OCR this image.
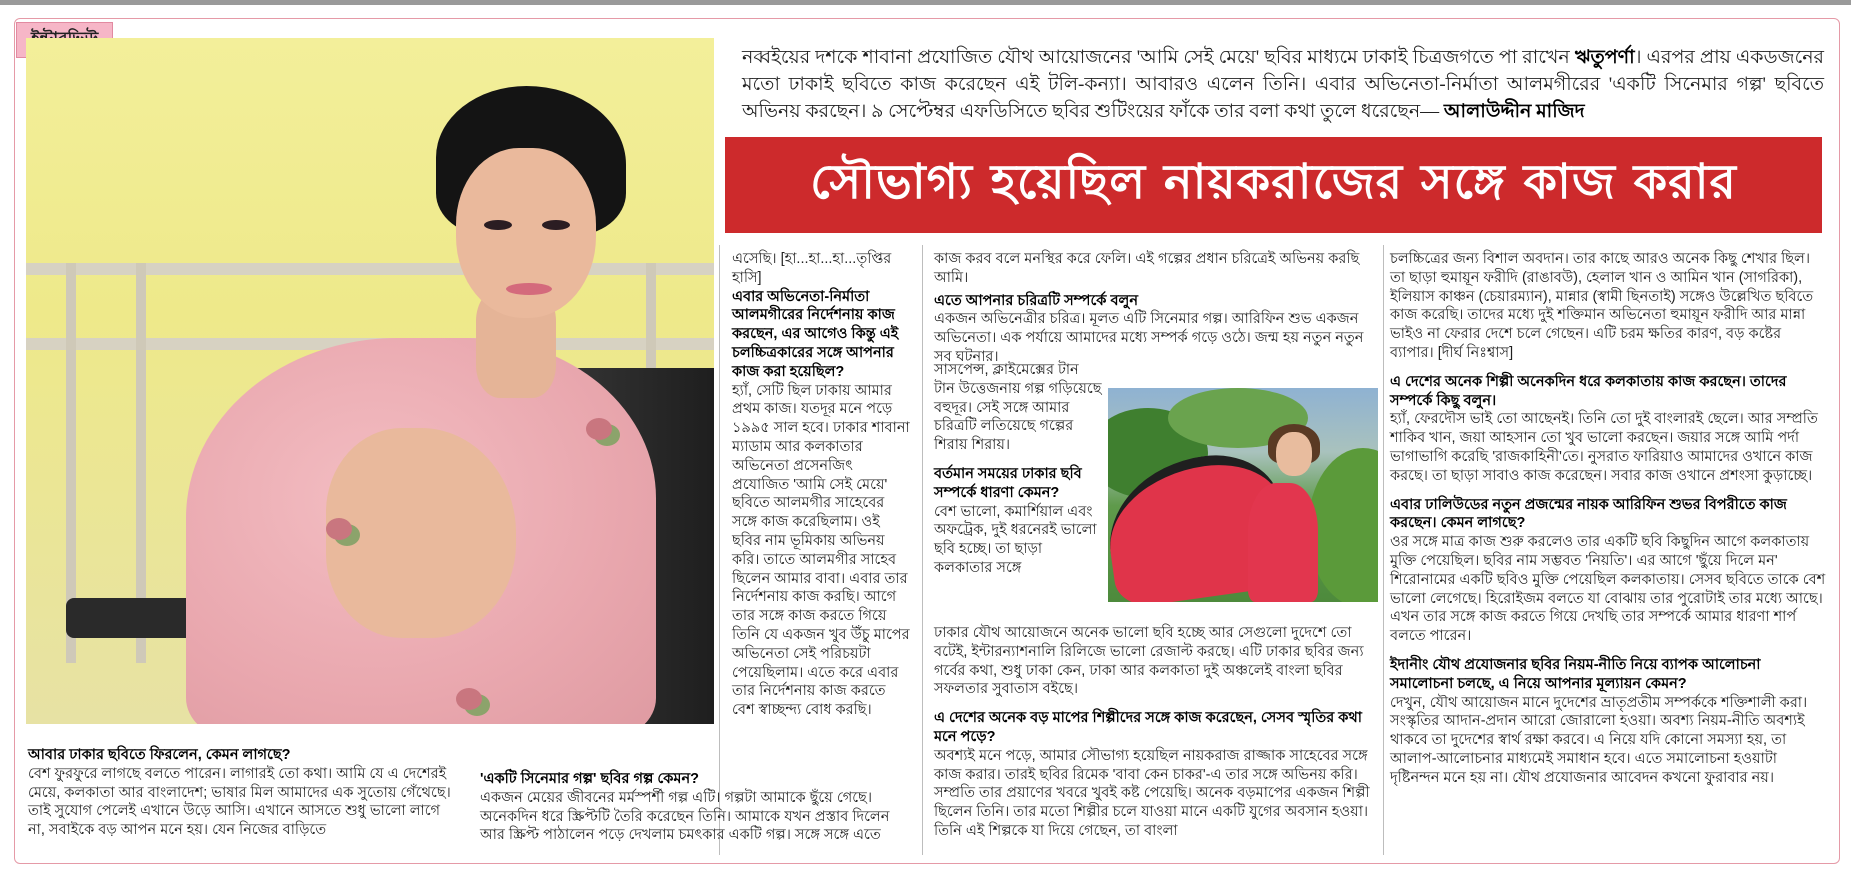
নব্বইয়ের দশকে শাবানা প্রযোজিত যৌথ আয়োজনের 'আমি সেই মেয়ে' ছবির মাধ্যমে ঢাকাই চিত্রজগতে পা রাখেন ঋতুপর্ণা। এরপর প্রায় একডজনের মতো ঢাকাই ছবিতে কাজ করেছেন এই টলি-কন্যা। আবারও এলেন তিনি। এবার অভিনেতা-নির্মাতা আলমগীরের 'একটি সিনেমার গল্প' ছবিতে অভিনয় করছেন। ৯ সেপ্টেম্বর এফডিসিতে ছবির শুটিংয়ের ফাঁকে তার বলা কথা তুলে ধরেছেন— আলাউদ্দীন মাজিদ
সৌভাগ্য হয়েছিল নায়করাজের সঙ্গে কাজ করার

আবার ঢাকার ছবিতে ফিরলেন, কেমন লাগছে?

বেশ ফুরফুরে লাগছে বলতে পারেন। লাগারই তো কথা। আমি যে এ দেশেরই মেয়ে, কলকাতা আর বাংলাদেশ; ভাষার মিল আমাদের এক সুতোয় গেঁথেছে। তাই সুযোগ পেলেই এখানে উড়ে আসি। এখানে আসতে শুধু ভালো লাগে না, সবাইকে বড় আপন মনে হয়। যেন নিজের বাড়িতে

এসেছি। [হা...হা...হা...তৃপ্তির হাসি]

এবার অভিনেতা-নির্মাতা আলমগীরের নির্দেশনায় কাজ করছেন, এর আগেও কিন্তু এই চলচ্চিত্রকারের সঙ্গে আপনার কাজ করা হয়েছিল?

হ্যাঁ, সেটি ছিল ঢাকায় আমার প্রথম কাজ। যতদূর মনে পড়ে ১৯৯৫ সাল হবে। ঢাকার শাবানা ম্যাডাম আর কলকাতার অভিনেতা প্রসেনজিৎ প্রযোজিত 'আমি সেই মেয়ে' ছবিতে আলমগীর সাহেবের সঙ্গে কাজ করেছিলাম। ওই ছবির নাম ভূমিকায় অভিনয় করি। তাতে আলমগীর সাহেব ছিলেন আমার বাবা। এবার তার নির্দেশনায় কাজ করছি। আগে তার সঙ্গে কাজ করতে গিয়ে তিনি যে একজন খুব উঁচু মাপের অভিনেতা সেই পরিচয়টা পেয়েছিলাম। এতে করে এবার তার নির্দেশনায় কাজ করতে বেশ স্বাচ্ছন্দ্য বোধ করছি।

'একটি সিনেমার গল্প' ছবির গল্প কেমন?

একজন মেয়ের জীবনের মর্মস্পর্শী গল্প এটি। গল্পটা আমাকে ছুঁয়ে গেছে। অনেকদিন ধরে স্ক্রিপ্টটি তৈরি করেছেন তিনি। আমাকে যখন প্রস্তাব দিলেন আর স্ক্রিপ্ট পাঠালেন পড়ে দেখলাম চমৎকার একটি গল্প। সঙ্গে সঙ্গে এতে

কাজ করব বলে মনস্থির করে ফেলি। এই গল্পের প্রধান চরিত্রেই অভিনয় করছি আমি।

এতে আপনার চরিত্রটি সম্পর্কে বলুন

একজন অভিনেত্রীর চরিত্র। মূলত এটি সিনেমার গল্প। আরিফিন শুভ একজন অভিনেতা। এক পর্যায়ে আমাদের মধ্যে সম্পর্ক গড়ে ওঠে। জন্ম হয় নতুন নতুন সব ঘটনার।

সাসপেন্স, ক্লাইমেক্সের টান টান উত্তেজনায় গল্প গড়িয়েছে বহুদূর। সেই সঙ্গে আমার চরিত্রটি লতিয়েছে গল্পের শিরায় শিরায়।

বর্তমান সময়ের ঢাকার ছবি সম্পর্কে ধারণা কেমন?

বেশ ভালো, কমার্শিয়াল এবং অফট্রেক, দুই ধরনেরই ভালো ছবি হচ্ছে। তা ছাড়া কলকাতার সঙ্গে

ঢাকার যৌথ আয়োজনে অনেক ভালো ছবি হচ্ছে আর সেগুলো দুদেশে তো বটেই, ইন্টারন্যাশনালি রিলিজে ভালো রেজাল্ট করছে। এটি ঢাকার ছবির জন্য গর্বের কথা, শুধু ঢাকা কেন, ঢাকা আর কলকাতা দুই অঞ্চলেই বাংলা ছবির সফলতার সুবাতাস বইছে।

এ দেশের অনেক বড় মাপের শিল্পীদের সঙ্গে কাজ করেছেন, সেসব স্মৃতির কথা মনে পড়ে?

অবশ্যই মনে পড়ে, আমার সৌভাগ্য হয়েছিল নায়করাজ রাজ্জাক সাহেবের সঙ্গে কাজ করার। তারই ছবির রিমেক 'বাবা কেন চাকর'-এ তার সঙ্গে অভিনয় করি। সম্প্রতি তার প্রয়াণের খবরে খুবই কষ্ট পেয়েছি। অনেক বড়মাপের একজন শিল্পী ছিলেন তিনি। তার মতো শিল্পীর চলে যাওয়া মানে একটি যুগের অবসান হওয়া। তিনি এই শিল্পকে যা দিয়ে গেছেন, তা বাংলা

চলচ্চিত্রের জন্য বিশাল অবদান। তার কাছে আরও অনেক কিছু শেখার ছিল। তা ছাড়া হুমায়ূন ফরীদি (রাঙাবউ), হেলাল খান ও আমিন খান (সাগরিকা), ইলিয়াস কাঞ্চন (চেয়ারম্যান), মান্নার (স্বামী ছিনতাই) সঙ্গেও উল্লেখিত ছবিতে কাজ করেছি। তাদের মধ্যে দুই শক্তিমান অভিনেতা হুমায়ূন ফরীদি আর মান্না ভাইও না ফেরার দেশে চলে গেছেন। এটি চরম ক্ষতির কারণ, বড় কষ্টের ব্যাপার। [দীর্ঘ নিঃশ্বাস]

এ দেশের অনেক শিল্পী অনেকদিন ধরে কলকাতায় কাজ করছেন। তাদের সম্পর্কে কিছু বলুন।

হ্যাঁ, ফেরদৌস ভাই তো আছেনই। তিনি তো দুই বাংলারই ছেলে। আর সম্প্রতি শাকিব খান, জয়া আহসান তো খুব ভালো করছেন। জয়ার সঙ্গে আমি পর্দা ভাগাভাগি করেছি 'রাজকাহিনী'তে। নুসরাত ফারিয়াও আমাদের ওখানে কাজ করছে। তা ছাড়া সাবাও কাজ করেছেন। সবার কাজ ওখানে প্রশংসা কুড়াচ্ছে।

এবার ঢালিউডের নতুন প্রজন্মের নায়ক আরিফিন শুভর বিপরীতে কাজ করছেন। কেমন লাগছে?

ওর সঙ্গে মাত্র কাজ শুরু করলেও তার একটি ছবি কিছুদিন আগে কলকাতায় মুক্তি পেয়েছিল। ছবির নাম সম্ভবত 'নিয়তি'। এর আগে 'ছুঁয়ে দিলে মন' শিরোনামের একটি ছবিও মুক্তি পেয়েছিল কলকাতায়। সেসব ছবিতে তাকে বেশ ভালো লেগেছে। হিরোইজম বলতে যা বোঝায় তার পুরোটাই তার মধ্যে আছে। এখন তার সঙ্গে কাজ করতে গিয়ে দেখছি তার সম্পর্কে আমার ধারণা শার্প বলতে পারেন।

ইদানীং যৌথ প্রযোজনার ছবির নিয়ম-নীতি নিয়ে ব্যাপক আলোচনা সমালোচনা চলছে, এ নিয়ে আপনার মূল্যায়ন কেমন?

দেখুন, যৌথ আয়োজন মানে দুদেশের ভ্রাতৃপ্রতীম সম্পর্ককে শক্তিশালী করা। সংস্কৃতির আদান-প্রদান আরো জোরালো হওয়া। অবশ্য নিয়ম-নীতি অবশ্যই থাকবে তা দুদেশের স্বার্থ রক্ষা করবে। এ নিয়ে যদি কোনো সমস্যা হয়, তা আলাপ-আলোচনার মাধ্যমেই সমাধান হবে। এতে সমালোচনা হওয়াটা দৃষ্টিনন্দন মনে হয় না। যৌথ প্রযোজনার আবেদন কখনো ফুরাবার নয়।
